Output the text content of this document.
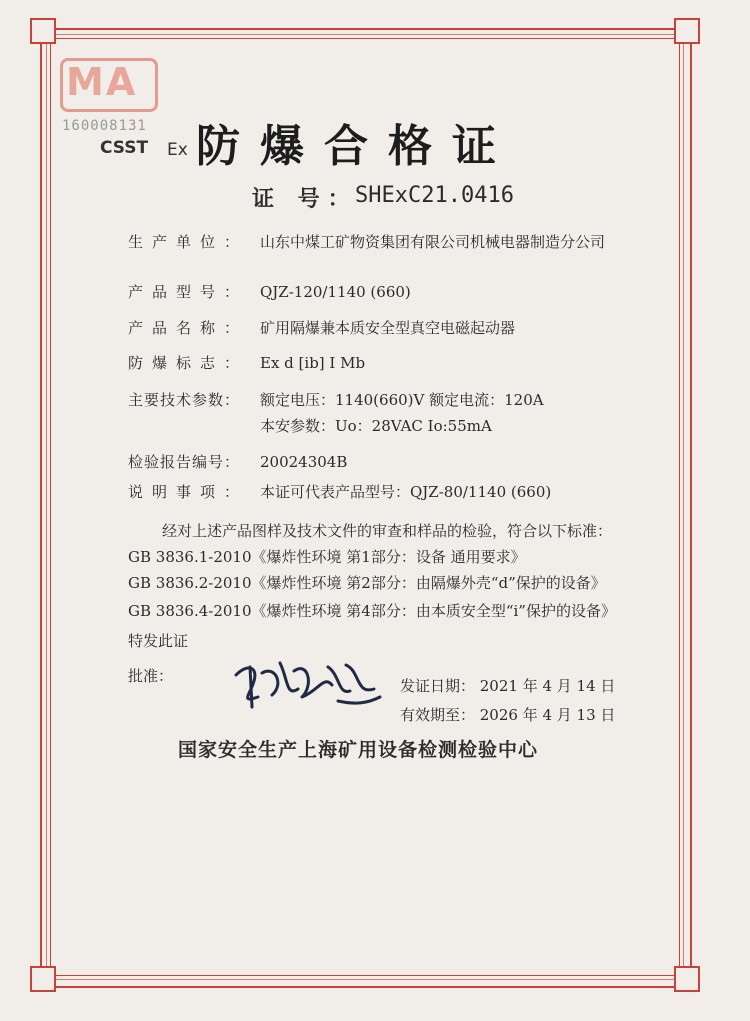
MA
160008131
CSST Ex 防爆合格证
证 号：
SHExC21.0416
生产单位： 山东中煤工矿物资集团有限公司机械电器制造分公司
产品型号： QJZ-120/1140 (660)
产品名称： 矿用隔爆兼本质安全型真空电磁起动器
防爆标志： Ex d [ib] I Mb
主要技术参数：	额定电压：1140(660)V 额定电流：120A
本安参数：Uo：28VAC Io:55mA
检验报告编号：	20024304B
说明事项： 本证可代表产品型号：QJZ-80/1140 (660)
经对上述产品图样及技术文件的审查和样品的检验，符合以下标准：
GB 3836.1-2010《爆炸性环境 第1部分：设备 通用要求》
GB 3836.2-2010《爆炸性环境 第2部分：由隔爆外壳“d”保护的设备》
GB 3836.4-2010《爆炸性环境 第4部分：由本质安全型“i”保护的设备》
特发此证
批准：
发证日期： 2021 年 4 月 14 日
有效期至： 2026 年 4 月 13 日
国家安全生产上海矿用设备检测检验中心
